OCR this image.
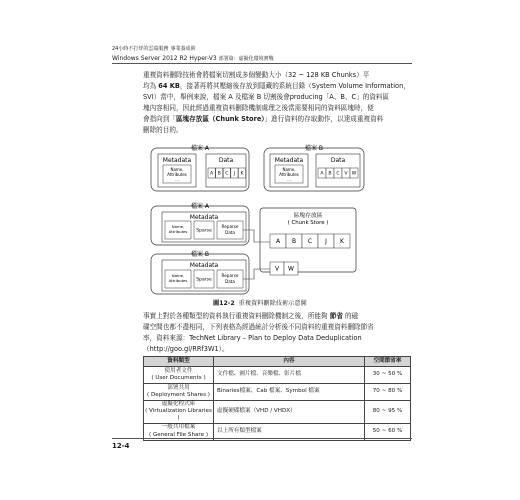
24小時不打烊的雲端服務 專業養成術
Windows Server 2012 R2 Hyper-V3 部署篇：虛擬化環境實戰
重複資料刪除技術會將檔案切割成多個變動大小（32 ~ 128 KB Chunks）平
均為 64 KB，接著再將其壓縮後存放到隱藏的系統目錄（System Volume Information，
SVI）當中，舉例來說，檔案 A 及檔案 B 切割後會producing「A、B、C」的資料區
塊內容相同，因此經過重複資料刪除機制處理之後當需要相同的資料區塊時，便
會指向到「區塊存放區（Chunk Store）」進行資料的存取動作，以達成重複資料
刪除的目的。
檔案 A
Metadata	Data
Name,
Attributes
...
A B C J K
檔案 B
Metadata	Data
Name,
Attributes
...
A B C V W
檔案 A
Metadata
Name,
Attributes Sparse
Reparse
Data
區塊存放區
( Chunk Store )
A B C J K
V W
檔案 B
Metadata
Name,
Attributes Sparse
Reparse
Data
圖12-2 重複資料刪除技術示意圖
事實上對於各種類型的資料執行重複資料刪除機制之後，所能夠 節省 的磁
碟空間也都不盡相同，下列表格為經過統計分析後不同資料的重複資料刪除節省
率，資料來源：TechNet Library – Plan to Deploy Data Deduplication
（http://goo.gl/RRf3W1）。
資料類型	內容	空間節省率

使用者文件
( User Documents )	文件檔、圖片檔、音樂檔、影片檔	30 ~ 50 %

部署共用
( Deployment Shares )	Binaries檔案、Cab 檔案、Symbol 檔案	70 ~ 80 %

虛擬化程式庫
( Virtualization Libraries )	虛擬硬碟檔案（VHD / VHDX）	80 ~ 95 %

一般共用檔案
( General File Share )	以上所有類型檔案	50 ~ 60 %
12-4
